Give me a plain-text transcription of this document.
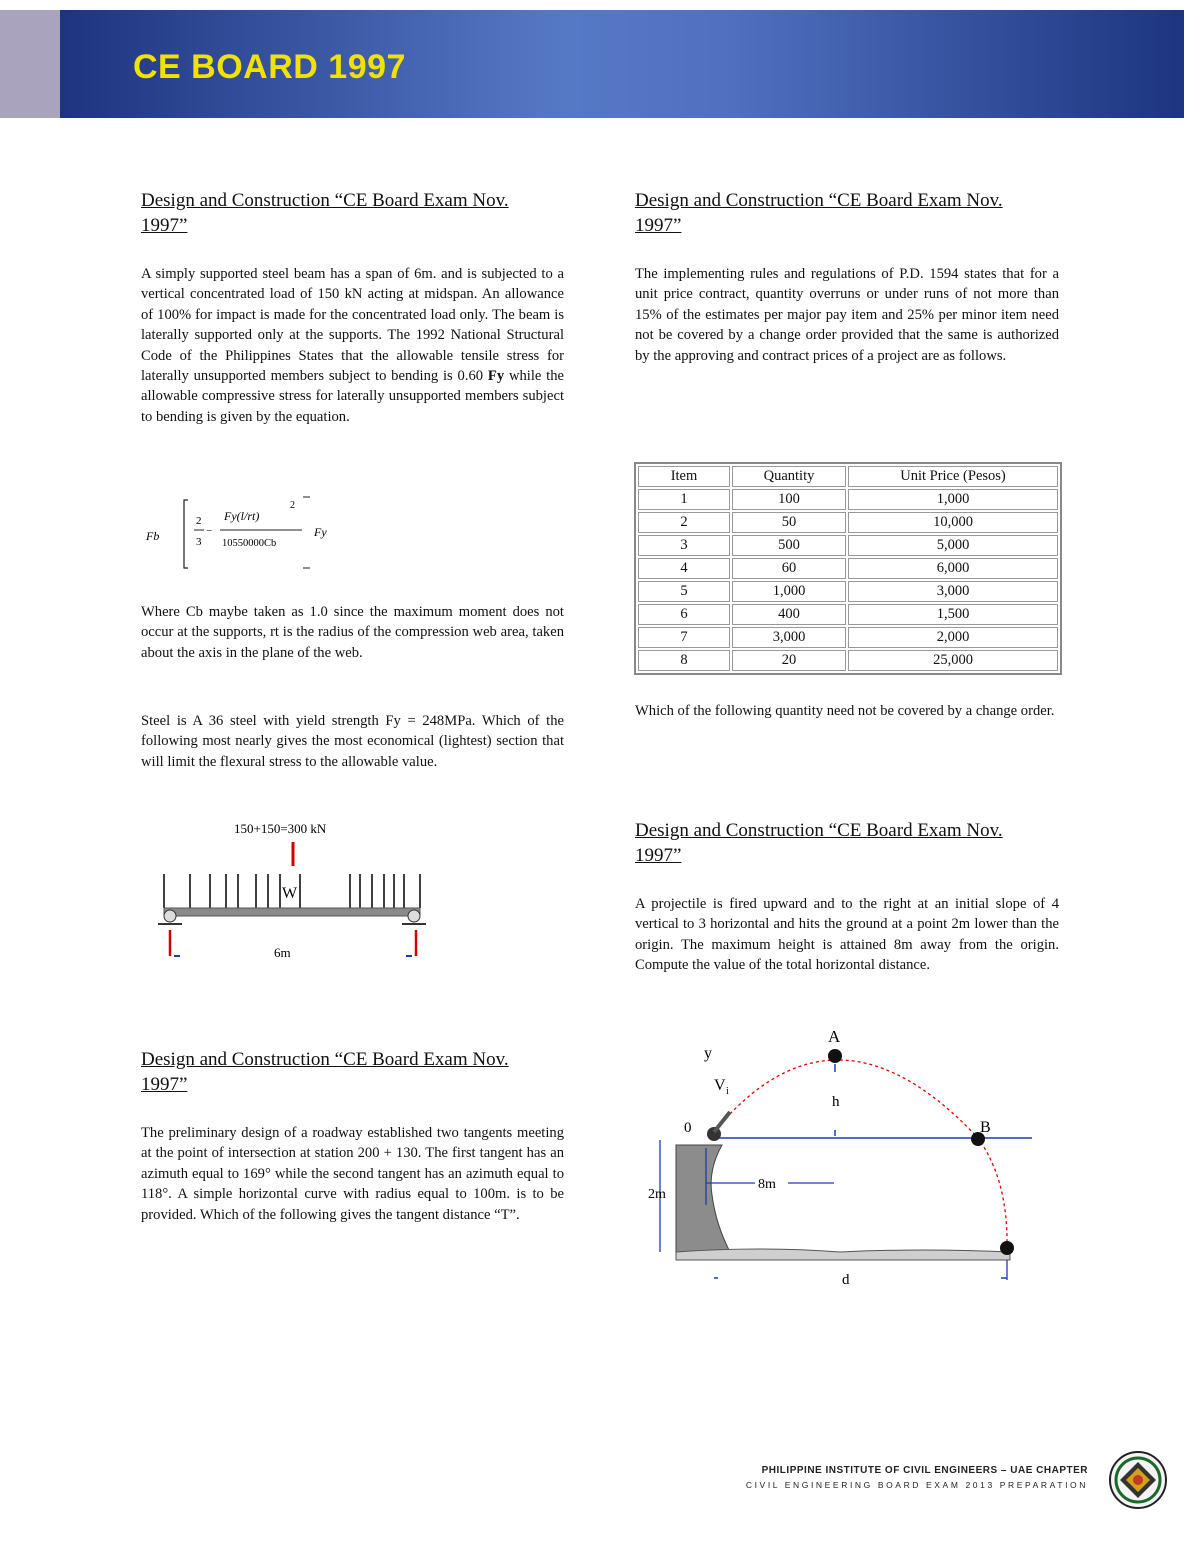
CE BOARD 1997
Design and Construction “CE Board Exam Nov.
1997”
A simply supported steel beam has a span of 6m. and is subjected to a vertical concentrated load of 150 kN acting at midspan. An allowance of 100% for impact is made for the concentrated load only. The beam is laterally supported only at the supports. The 1992 National Structural Code of the Philippines States that the allowable tensile stress for laterally unsupported members subject to bending is 0.60 Fy while the allowable compressive stress for laterally unsupported members subject to bending is given by the equation.
Fb
2
3
−
Fy(l/rt)
2
10550000Cb
Fy
Where Cb maybe taken as 1.0 since the maximum moment does not occur at the supports, rt is the radius of the compression web area, taken about the axis in the plane of the web.
Steel is A 36 steel with yield strength Fy = 248MPa. Which of the following most nearly gives the most economical (lightest) section that will limit the flexural stress to the allowable value.
150+150=300 kN
W
6m
Design and Construction “CE Board Exam Nov.
1997”
The preliminary design of a roadway established two tangents meeting at the point of intersection at station 200 + 130. The first tangent has an azimuth equal to 169° while the second tangent has an azimuth equal to 118°. A simple horizontal curve with radius equal to 100m. is to be provided. Which of the following gives the tangent distance “T”.
Design and Construction “CE Board Exam Nov.
1997”
The implementing rules and regulations of P.D. 1594 states that for a unit price contract, quantity overruns or under runs of not more than 15% of the estimates per major pay item and 25% per minor item need not be covered by a change order provided that the same is authorized by the approving and contract prices of a project are as follows.
Item	Quantity	Unit Price (Pesos)
1	100	1,000
2	50	10,000
3	500	5,000
4	60	6,000
5	1,000	3,000
6	400	1,500
7	3,000	2,000
8	20	25,000
Which of the following quantity need not be covered by a change order.
Design and Construction “CE Board Exam Nov.
1997”
A projectile is fired upward and to the right at an initial slope of 4 vertical to 3 horizontal and hits the ground at a point 2m lower than the origin. The maximum height is attained 8m away from the origin. Compute the value of the total horizontal distance.
A
B
0
y
V i
h
8m
2m
d
PHILIPPINE INSTITUTE OF CIVIL ENGINEERS – UAE CHAPTER
CIVIL ENGINEERING BOARD EXAM 2013 PREPARATION
